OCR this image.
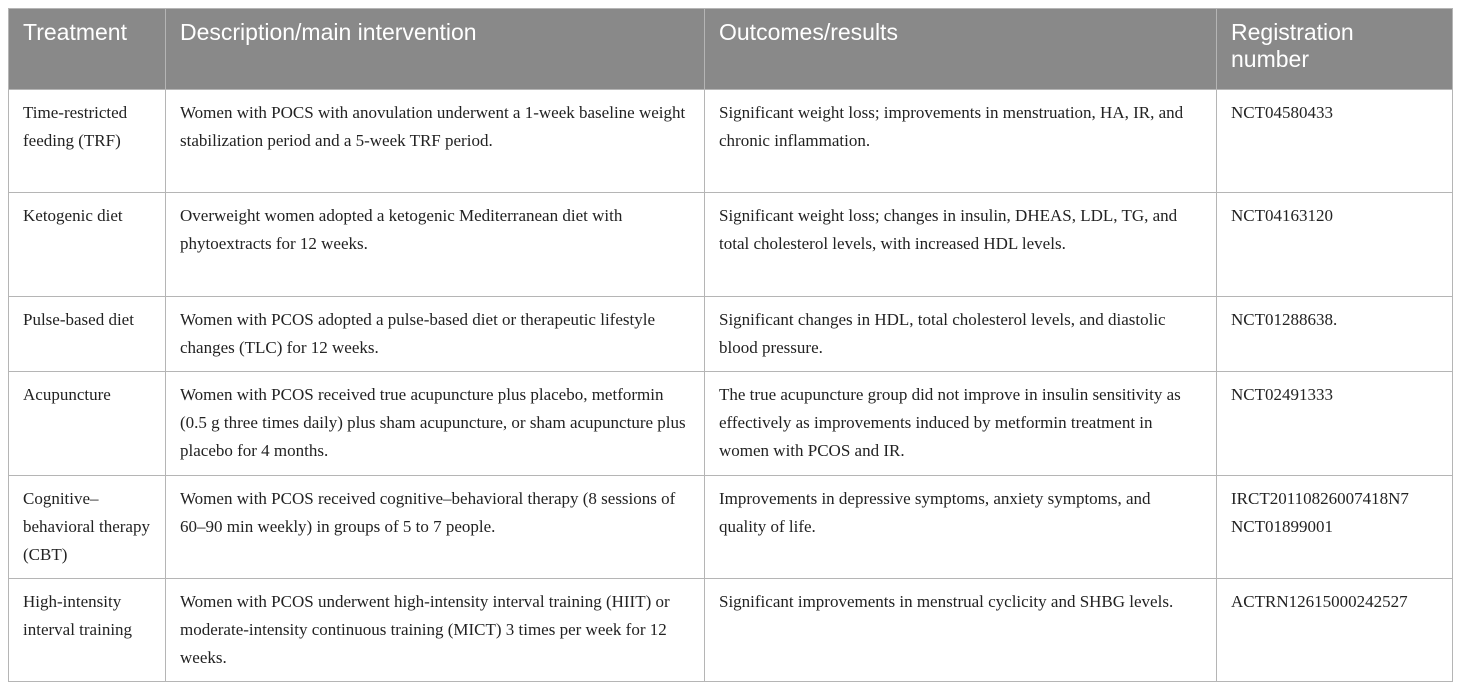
Treatment	Description/main intervention	Outcomes/results	Registration number
Time-restricted feeding (TRF)	Women with POCS with anovulation underwent a 1-week baseline weight stabilization period and a 5-week TRF period.	Significant weight loss; improvements in menstruation, HA, IR, and chronic inflammation.	NCT04580433

Ketogenic diet	Overweight women adopted a ketogenic Mediterranean diet with phytoextracts for 12 weeks.	Significant weight loss; changes in insulin, DHEAS, LDL, TG, and total cholesterol levels, with increased HDL levels.	NCT04163120

Pulse-based diet	Women with PCOS adopted a pulse-based diet or therapeutic lifestyle changes (TLC) for 12 weeks.	Significant changes in HDL, total cholesterol levels, and diastolic blood pressure.	NCT01288638.

Acupuncture	Women with PCOS received true acupuncture plus placebo, metformin (0.5 g three times daily) plus sham acupuncture, or sham acupuncture plus placebo for 4 months.	The true acupuncture group did not improve in insulin sensitivity as effectively as improvements induced by metformin treatment in women with PCOS and IR.	NCT02491333

Cognitive–behavioral therapy (CBT)	Women with PCOS received cognitive–behavioral therapy (8 sessions of 60–90 min weekly) in groups of 5 to 7 people.	Improvements in depressive symptoms, anxiety symptoms, and quality of life.	IRCT20110826007418N7
NCT01899001

High-intensity interval training	Women with PCOS underwent high-intensity interval training (HIIT) or moderate-intensity continuous training (MICT) 3 times per week for 12 weeks.	Significant improvements in menstrual cyclicity and SHBG levels.	ACTRN12615000242527
